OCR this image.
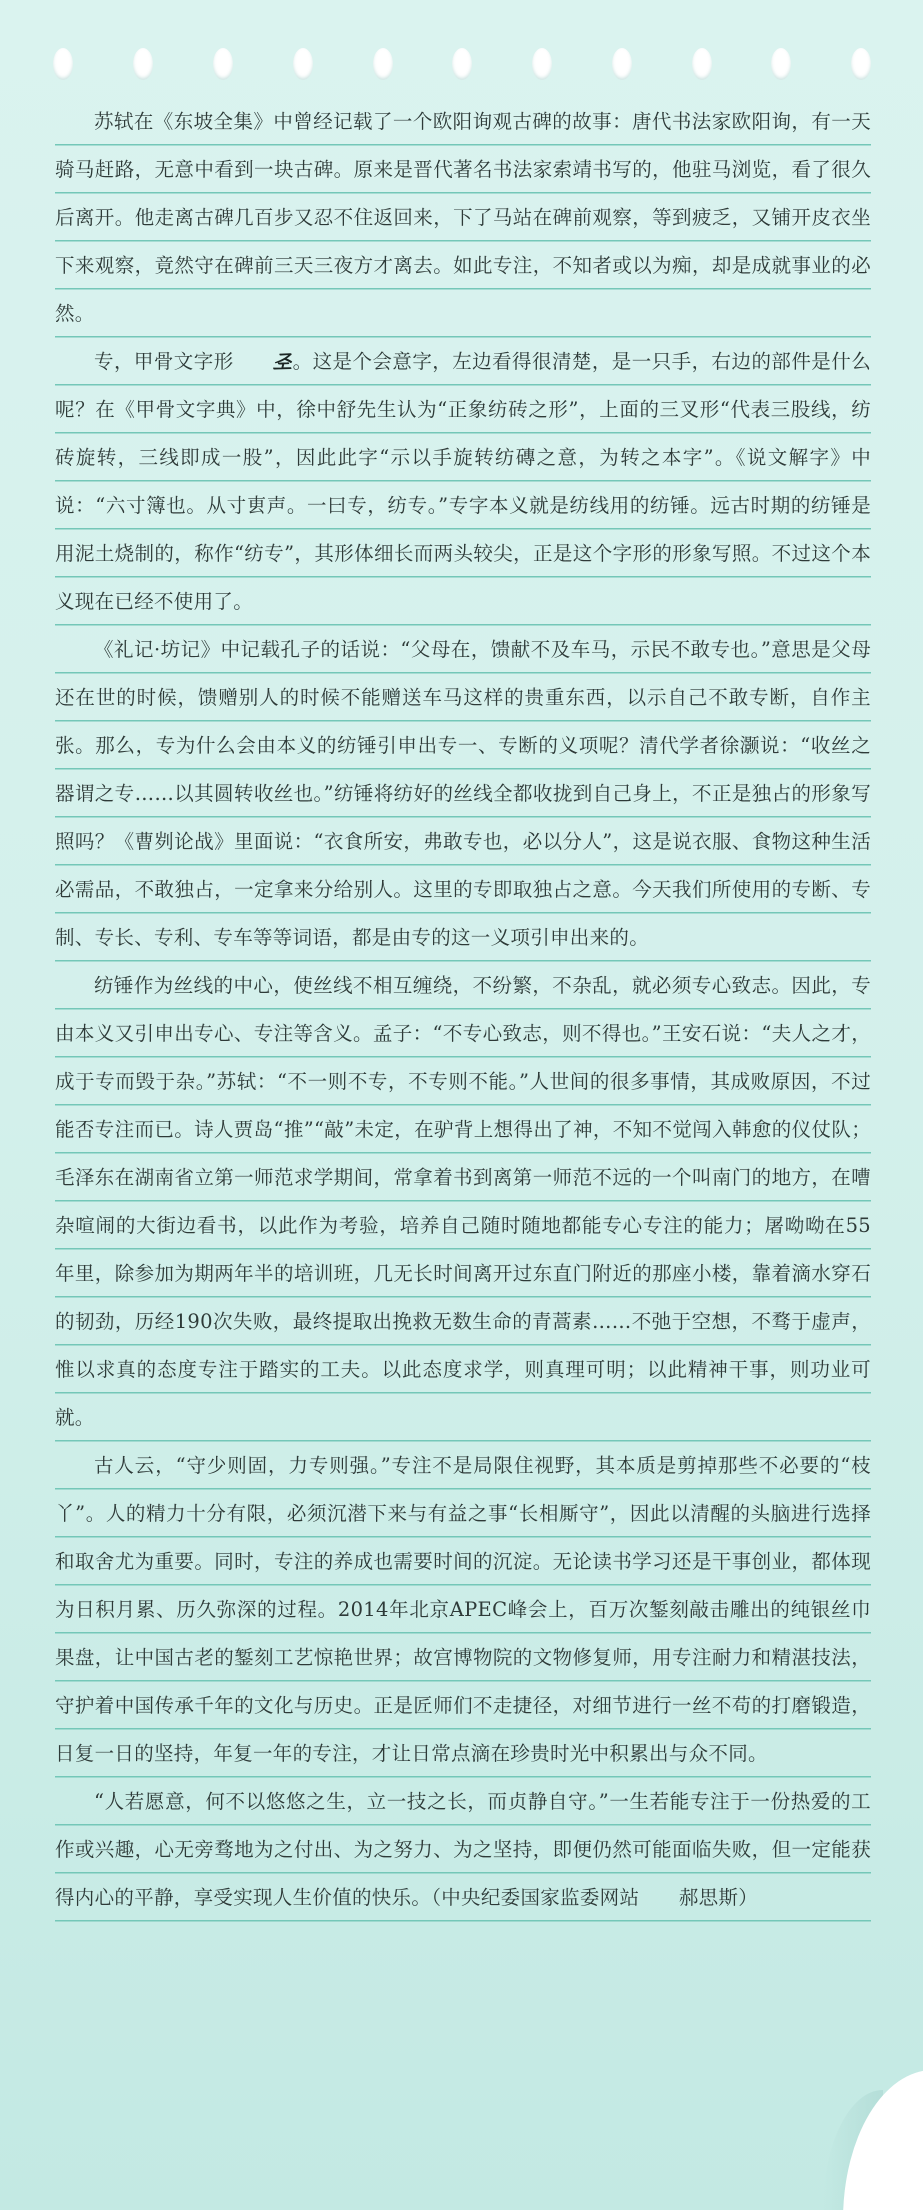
苏轼在《东坡全集》中曾经记载了一个欧阳询观古碑的故事：唐代书法家欧阳询，有一天骑马赶路，无意中看到一块古碑。原来是晋代著名书法家索靖书写的，他驻马浏览，看了很久后离开。他走离古碑几百步又忍不住返回来，下了马站在碑前观察，等到疲乏，又铺开皮衣坐下来观察，竟然守在碑前三天三夜方才离去。如此专注，不知者或以为痴，却是成就事业的必然。

专，甲骨文字形 𢀖。这是个会意字，左边看得很清楚，是一只手，右边的部件是什么呢？在《甲骨文字典》中，徐中舒先生认为“正象纺砖之形”，上面的三叉形“代表三股线，纺砖旋转，三线即成一股”，因此此字“示以手旋转纺磚之意，为转之本字”。《说文解字》中说：“六寸簿也。从寸叀声。一曰专，纺专。”专字本义就是纺线用的纺锤。远古时期的纺锤是用泥土烧制的，称作“纺专”，其形体细长而两头较尖，正是这个字形的形象写照。不过这个本义现在已经不使用了。

《礼记·坊记》中记载孔子的话说：“父母在，馈献不及车马，示民不敢专也。”意思是父母还在世的时候，馈赠别人的时候不能赠送车马这样的贵重东西，以示自己不敢专断，自作主张。那么，专为什么会由本义的纺锤引申出专一、专断的义项呢？清代学者徐灏说：“收丝之器谓之专……以其圆转收丝也。”纺锤将纺好的丝线全都收拢到自己身上，不正是独占的形象写照吗？《曹刿论战》里面说：“衣食所安，弗敢专也，必以分人”，这是说衣服、食物这种生活必需品，不敢独占，一定拿来分给别人。这里的专即取独占之意。今天我们所使用的专断、专制、专长、专利、专车等等词语，都是由专的这一义项引申出来的。

纺锤作为丝线的中心，使丝线不相互缠绕，不纷繁，不杂乱，就必须专心致志。因此，专由本义又引申出专心、专注等含义。孟子：“不专心致志，则不得也。”王安石说：“夫人之才，成于专而毁于杂。”苏轼：“不一则不专，不专则不能。”人世间的很多事情，其成败原因，不过能否专注而已。诗人贾岛“推”“敲”未定，在驴背上想得出了神，不知不觉闯入韩愈的仪仗队；毛泽东在湖南省立第一师范求学期间，常拿着书到离第一师范不远的一个叫南门的地方，在嘈杂喧闹的大街边看书，以此作为考验，培养自己随时随地都能专心专注的能力；屠呦呦在55年里，除参加为期两年半的培训班，几无长时间离开过东直门附近的那座小楼，靠着滴水穿石的韧劲，历经190次失败，最终提取出挽救无数生命的青蒿素……不弛于空想，不骛于虚声，惟以求真的态度专注于踏实的工夫。以此态度求学，则真理可明；以此精神干事，则功业可就。

古人云，“守少则固，力专则强。”专注不是局限住视野，其本质是剪掉那些不必要的“枝丫”。人的精力十分有限，必须沉潜下来与有益之事“长相厮守”，因此以清醒的头脑进行选择和取舍尤为重要。同时，专注的养成也需要时间的沉淀。无论读书学习还是干事创业，都体现为日积月累、历久弥深的过程。2014年北京APEC峰会上，百万次錾刻敲击雕出的纯银丝巾果盘，让中国古老的錾刻工艺惊艳世界；故宫博物院的文物修复师，用专注耐力和精湛技法，守护着中国传承千年的文化与历史。正是匠师们不走捷径，对细节进行一丝不苟的打磨锻造，日复一日的坚持，年复一年的专注，才让日常点滴在珍贵时光中积累出与众不同。

“人若愿意，何不以悠悠之生，立一技之长，而贞静自守。”一生若能专注于一份热爱的工作或兴趣，心无旁骛地为之付出、为之努力、为之坚持，即便仍然可能面临失败，但一定能获得内心的平静，享受实现人生价值的快乐。（中央纪委国家监委网站　　郝思斯）
